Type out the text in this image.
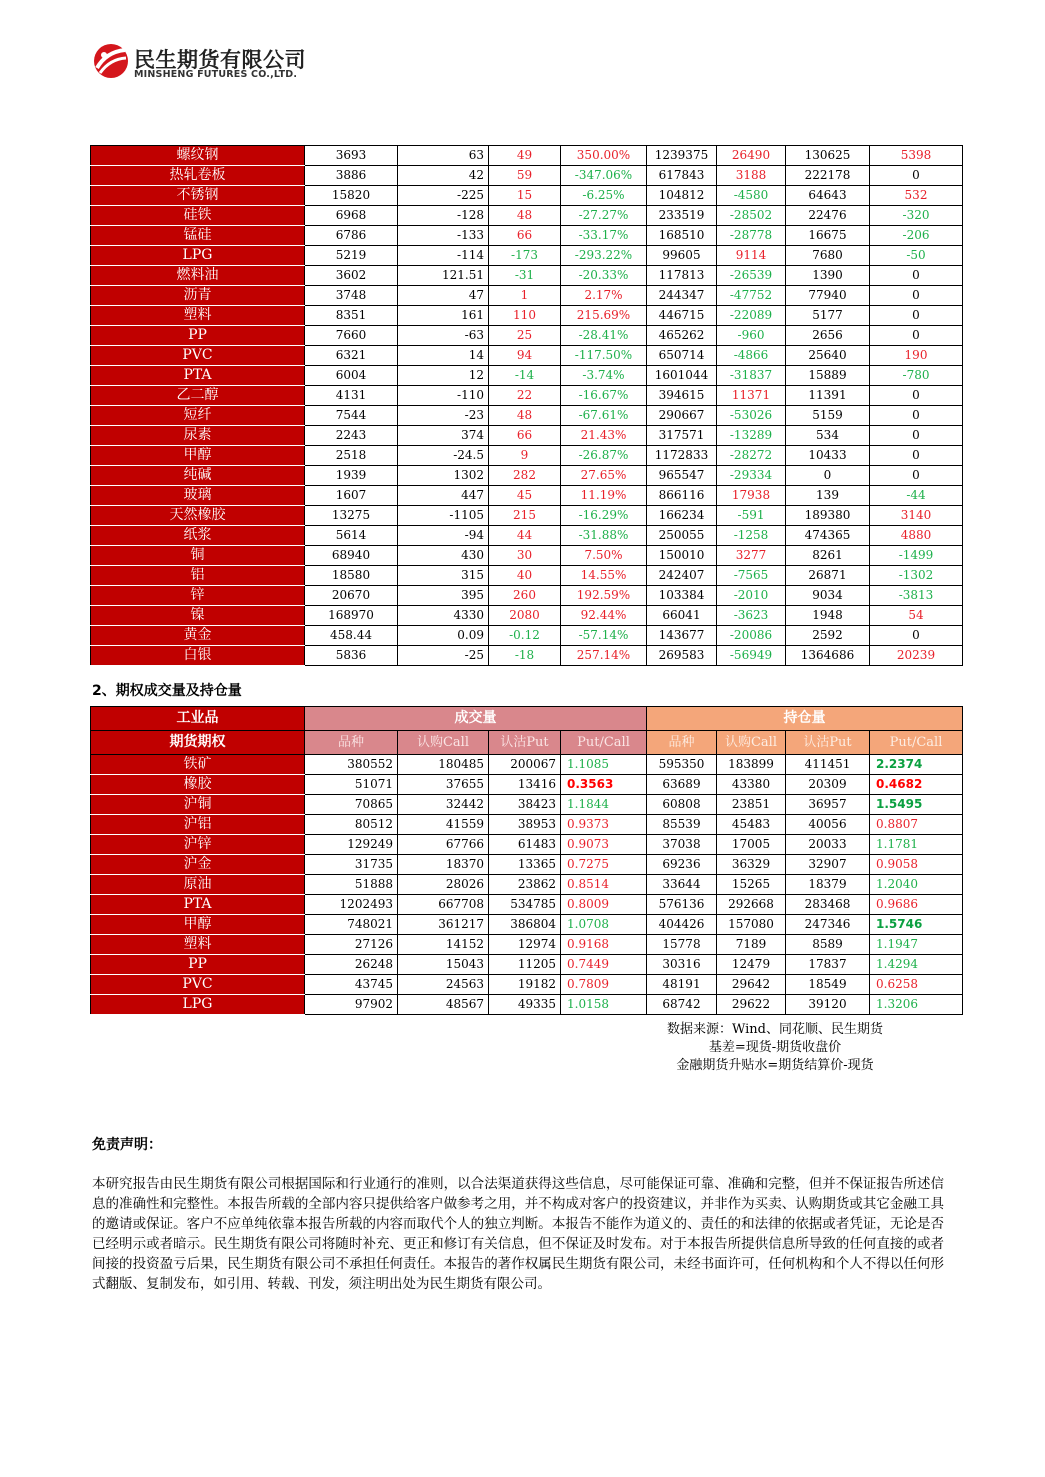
民生期货有限公司
MINSHENG FUTURES CO.,LTD.
螺纹钢	3693	63	49	350.00%	1239375	26490	130625	5398
热轧卷板	3886	42	59	-347.06%	617843	3188	222178	0
不锈钢	15820	-225	15	-6.25%	104812	-4580	64643	532
硅铁	6968	-128	48	-27.27%	233519	-28502	22476	-320
锰硅	6786	-133	66	-33.17%	168510	-28778	16675	-206
LPG	5219	-114	-173	-293.22%	99605	9114	7680	-50
燃料油	3602	121.51	-31	-20.33%	117813	-26539	1390	0
沥青	3748	47	1	2.17%	244347	-47752	77940	0
塑料	8351	161	110	215.69%	446715	-22089	5177	0
PP	7660	-63	25	-28.41%	465262	-960	2656	0
PVC	6321	14	94	-117.50%	650714	-4866	25640	190
PTA	6004	12	-14	-3.74%	1601044	-31837	15889	-780
乙二醇	4131	-110	22	-16.67%	394615	11371	11391	0
短纤	7544	-23	48	-67.61%	290667	-53026	5159	0
尿素	2243	374	66	21.43%	317571	-13289	534	0
甲醇	2518	-24.5	9	-26.87%	1172833	-28272	10433	0
纯碱	1939	1302	282	27.65%	965547	-29334	0	0
玻璃	1607	447	45	11.19%	866116	17938	139	-44
天然橡胶	13275	-1105	215	-16.29%	166234	-591	189380	3140
纸浆	5614	-94	44	-31.88%	250055	-1258	474365	4880
铜	68940	430	30	7.50%	150010	3277	8261	-1499
铝	18580	315	40	14.55%	242407	-7565	26871	-1302
锌	20670	395	260	192.59%	103384	-2010	9034	-3813
镍	168970	4330	2080	92.44%	66041	-3623	1948	54
黄金	458.44	0.09	-0.12	-57.14%	143677	-20086	2592	0
白银	5836	-25	-18	257.14%	269583	-56949	1364686	20239
2、期权成交量及持仓量
工业品	成交量				持仓量			
期货期权	品种	认购Call	认沽Put	Put/Call	品种	认购Call	认沽Put	Put/Call
铁矿	380552	180485	200067	1.1085	595350	183899	411451	2.2374
橡胶	51071	37655	13416	0.3563	63689	43380	20309	0.4682
沪铜	70865	32442	38423	1.1844	60808	23851	36957	1.5495
沪铝	80512	41559	38953	0.9373	85539	45483	40056	0.8807
沪锌	129249	67766	61483	0.9073	37038	17005	20033	1.1781
沪金	31735	18370	13365	0.7275	69236	36329	32907	0.9058
原油	51888	28026	23862	0.8514	33644	15265	18379	1.2040
PTA	1202493	667708	534785	0.8009	576136	292668	283468	0.9686
甲醇	748021	361217	386804	1.0708	404426	157080	247346	1.5746
塑料	27126	14152	12974	0.9168	15778	7189	8589	1.1947
PP	26248	15043	11205	0.7449	30316	12479	17837	1.4294
PVC	43745	24563	19182	0.7809	48191	29642	18549	0.6258
LPG	97902	48567	49335	1.0158	68742	29622	39120	1.3206
数据来源：Wind、同花顺、民生期货
基差=现货-期货收盘价
金融期货升贴水=期货结算价-现货
免责声明：
本研究报告由民生期货有限公司根据国际和行业通行的准则，以合法渠道获得这些信息，尽可能保证可靠、准确和完整，但并不保证报告所述信息的准确性和完整性。本报告所载的全部内容只提供给客户做参考之用，并不构成对客户的投资建议，并非作为买卖、认购期货或其它金融工具的邀请或保证。客户不应单纯依靠本报告所载的内容而取代个人的独立判断。本报告不能作为道义的、责任的和法律的依据或者凭证，无论是否已经明示或者暗示。民生期货有限公司将随时补充、更正和修订有关信息，但不保证及时发布。对于本报告所提供信息所导致的任何直接的或者间接的投资盈亏后果，民生期货有限公司不承担任何责任。本报告的著作权属民生期货有限公司，未经书面许可，任何机构和个人不得以任何形式翻版、复制发布，如引用、转载、刊发，须注明出处为民生期货有限公司。
